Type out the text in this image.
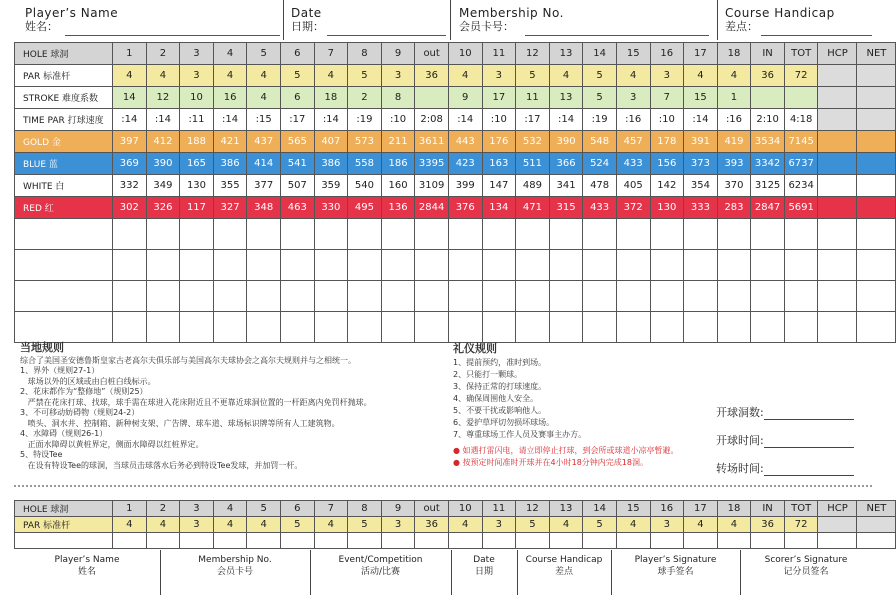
Player’s Name
姓名：
Date
日期：
Membership No.
会员卡号：
Course Handicap
差点：
HOLE 球洞	1	2	3	4	5	6	7	8	9	out	10	11	12	13	14	15	16	17	18	IN	TOT	HCP	NET
PAR 标准杆	4	4	3	4	4	5	4	5	3	36	4	3	5	4	5	4	3	4	4	36	72		
STROKE 难度系数	14	12	10	16	4	6	18	2	8		9	17	11	13	5	3	7	15	1				
TIME PAR 打球速度	:14	:14	:11	:14	:15	:17	:14	:19	:10	2:08	:14	:10	:17	:14	:19	:16	:10	:14	:16	2:10	4:18		
GOLD 金	397	412	188	421	437	565	407	573	211	3611	443	176	532	390	548	457	178	391	419	3534	7145		
BLUE 蓝	369	390	165	386	414	541	386	558	186	3395	423	163	511	366	524	433	156	373	393	3342	6737		
WHITE 白	332	349	130	355	377	507	359	540	160	3109	399	147	489	341	478	405	142	354	370	3125	6234		
RED 红	302	326	117	327	348	463	330	495	136	2844	376	134	471	315	433	372	130	333	283	2847	5691		

当地规则
综合了美国圣安德鲁斯皇家古老高尔夫俱乐部与美国高尔夫球协会之高尔夫规则并与之相统一。
1、界外（规则27-1）
球场以外的区域或由白桩白线标示。
2、花床都作为“整修地”（规则25）
严禁在花床打球、找球，球手需在球进入花床附近且不更靠近球洞位置的一杆距离内免罚杆抛球。
3、不可移动妨碍物（规则24-2）
喷头、洞水井、控制箱、新种树支架、广告牌、球车道、球场标识牌等所有人工建筑物。
4、水障碍（规则26-1）
正面水障碍以黄桩界定，侧面水障碍以红桩界定。
5、特设Tee
在设有特设Tee的球洞，当球员击球落水后务必到特设Tee发球，并加罚一杆。
礼仪规则
1、提前预约，准时到场。
2、只能打一颗球。
3、保持正常的打球速度。
4、确保周围他人安全。
5、不要干扰或影响他人。
6、爱护草坪切勿损坏球场。
7、尊重球场工作人员及赛事主办方。
● 如遇打雷闪电，请立即停止打球，到会所或球道小凉亭暂避。
● 按预定时间准时开球并在4小时18分钟内完成18洞。
开球洞数:
开球时间:
转场时间:
HOLE 球洞	1	2	3	4	5	6	7	8	9	out	10	11	12	13	14	15	16	17	18	IN	TOT	HCP	NET
PAR 标准杆	4	4	3	4	4	5	4	5	3	36	4	3	5	4	5	4	3	4	4	36	72		

Player’s Name
姓名
Membership No.
会员卡号
Event/Competition
活动/比赛
Date
日期
Course Handicap
差点
Player’s Signature
球手签名
Scorer’s Signature
记分员签名
